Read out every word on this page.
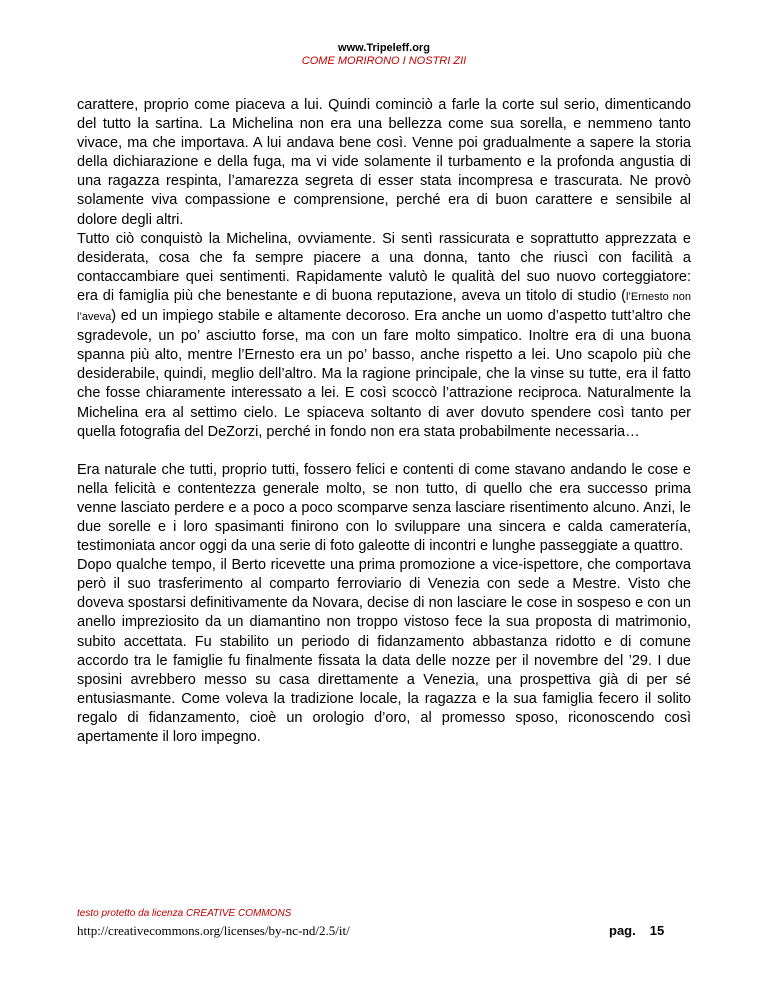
www.Tripeleff.org
COME MORIRONO I NOSTRI ZII

carattere, proprio come piaceva a lui. Quindi cominciò a farle la corte sul serio, dimenticando del tutto la sartina. La Michelina non era una bellezza come sua sorella, e nemmeno tanto vivace, ma che importava. A lui andava bene così. Venne poi gradualmente a sapere la storia della dichiarazione e della fuga, ma vi vide solamente il turbamento e la profonda angustia di una ragazza respinta, l’amarezza segreta di esser stata incompresa e trascurata. Ne provò solamente viva compassione e comprensione, perché era di buon carattere e sensibile al dolore degli altri.

Tutto ciò conquistò la Michelina, ovviamente. Si sentì rassicurata e soprattutto apprezzata e desiderata, cosa che fa sempre piacere a una donna, tanto che riuscì con facilità a contaccambiare quei sentimenti. Rapidamente valutò le qualità del suo nuovo corteggiatore: era di famiglia più che benestante e di buona reputazione, aveva un titolo di studio (l’Ernesto non l’aveva) ed un impiego stabile e altamente decoroso. Era anche un uomo d’aspetto tutt’altro che sgradevole, un po’ asciutto forse, ma con un fare molto simpatico. Inoltre era di una buona spanna più alto, mentre l’Ernesto era un po’ basso, anche rispetto a lei. Uno scapolo più che desiderabile, quindi, meglio dell’altro. Ma la ragione principale, che la vinse su tutte, era il fatto che fosse chiaramente interessato a lei. E così scoccò l’attrazione reciproca. Naturalmente la Michelina era al settimo cielo. Le spiaceva soltanto di aver dovuto spendere così tanto per quella fotografia del DeZorzi, perché in fondo non era stata probabilmente necessaria…

Era naturale che tutti, proprio tutti, fossero felici e contenti di come stavano andando le cose e nella felicità e contentezza generale molto, se non tutto, di quello che era successo prima venne lasciato perdere e a poco a poco scomparve senza lasciare risentimento alcuno. Anzi, le due sorelle e i loro spasimanti finirono con lo sviluppare una sincera e calda cameratería, testimoniata ancor oggi da una serie di foto galeotte di incontri e lunghe passeggiate a quattro.

Dopo qualche tempo, il Berto ricevette una prima promozione a vice-ispettore, che comportava però il suo trasferimento al comparto ferroviario di Venezia con sede a Mestre. Visto che doveva spostarsi definitivamente da Novara, decise di non lasciare le cose in sospeso e con un anello impreziosito da un diamantino non troppo vistoso fece la sua proposta di matrimonio, subito accettata. Fu stabilito un periodo di fidanzamento abbastanza ridotto e di comune accordo tra le famiglie fu finalmente fissata la data delle nozze per il novembre del ’29. I due sposini avrebbero messo su casa direttamente a Venezia, una prospettiva già di per sé entusiasmante. Come voleva la tradizione locale, la ragazza e la sua famiglia fecero il solito regalo di fidanzamento, cioè un orologio d’oro, al promesso sposo, riconoscendo così apertamente il loro impegno.

testo protetto da licenza CREATIVE COMMONS
http://creativecommons.org/licenses/by-nc-nd/2.5/it/	pag. 15
